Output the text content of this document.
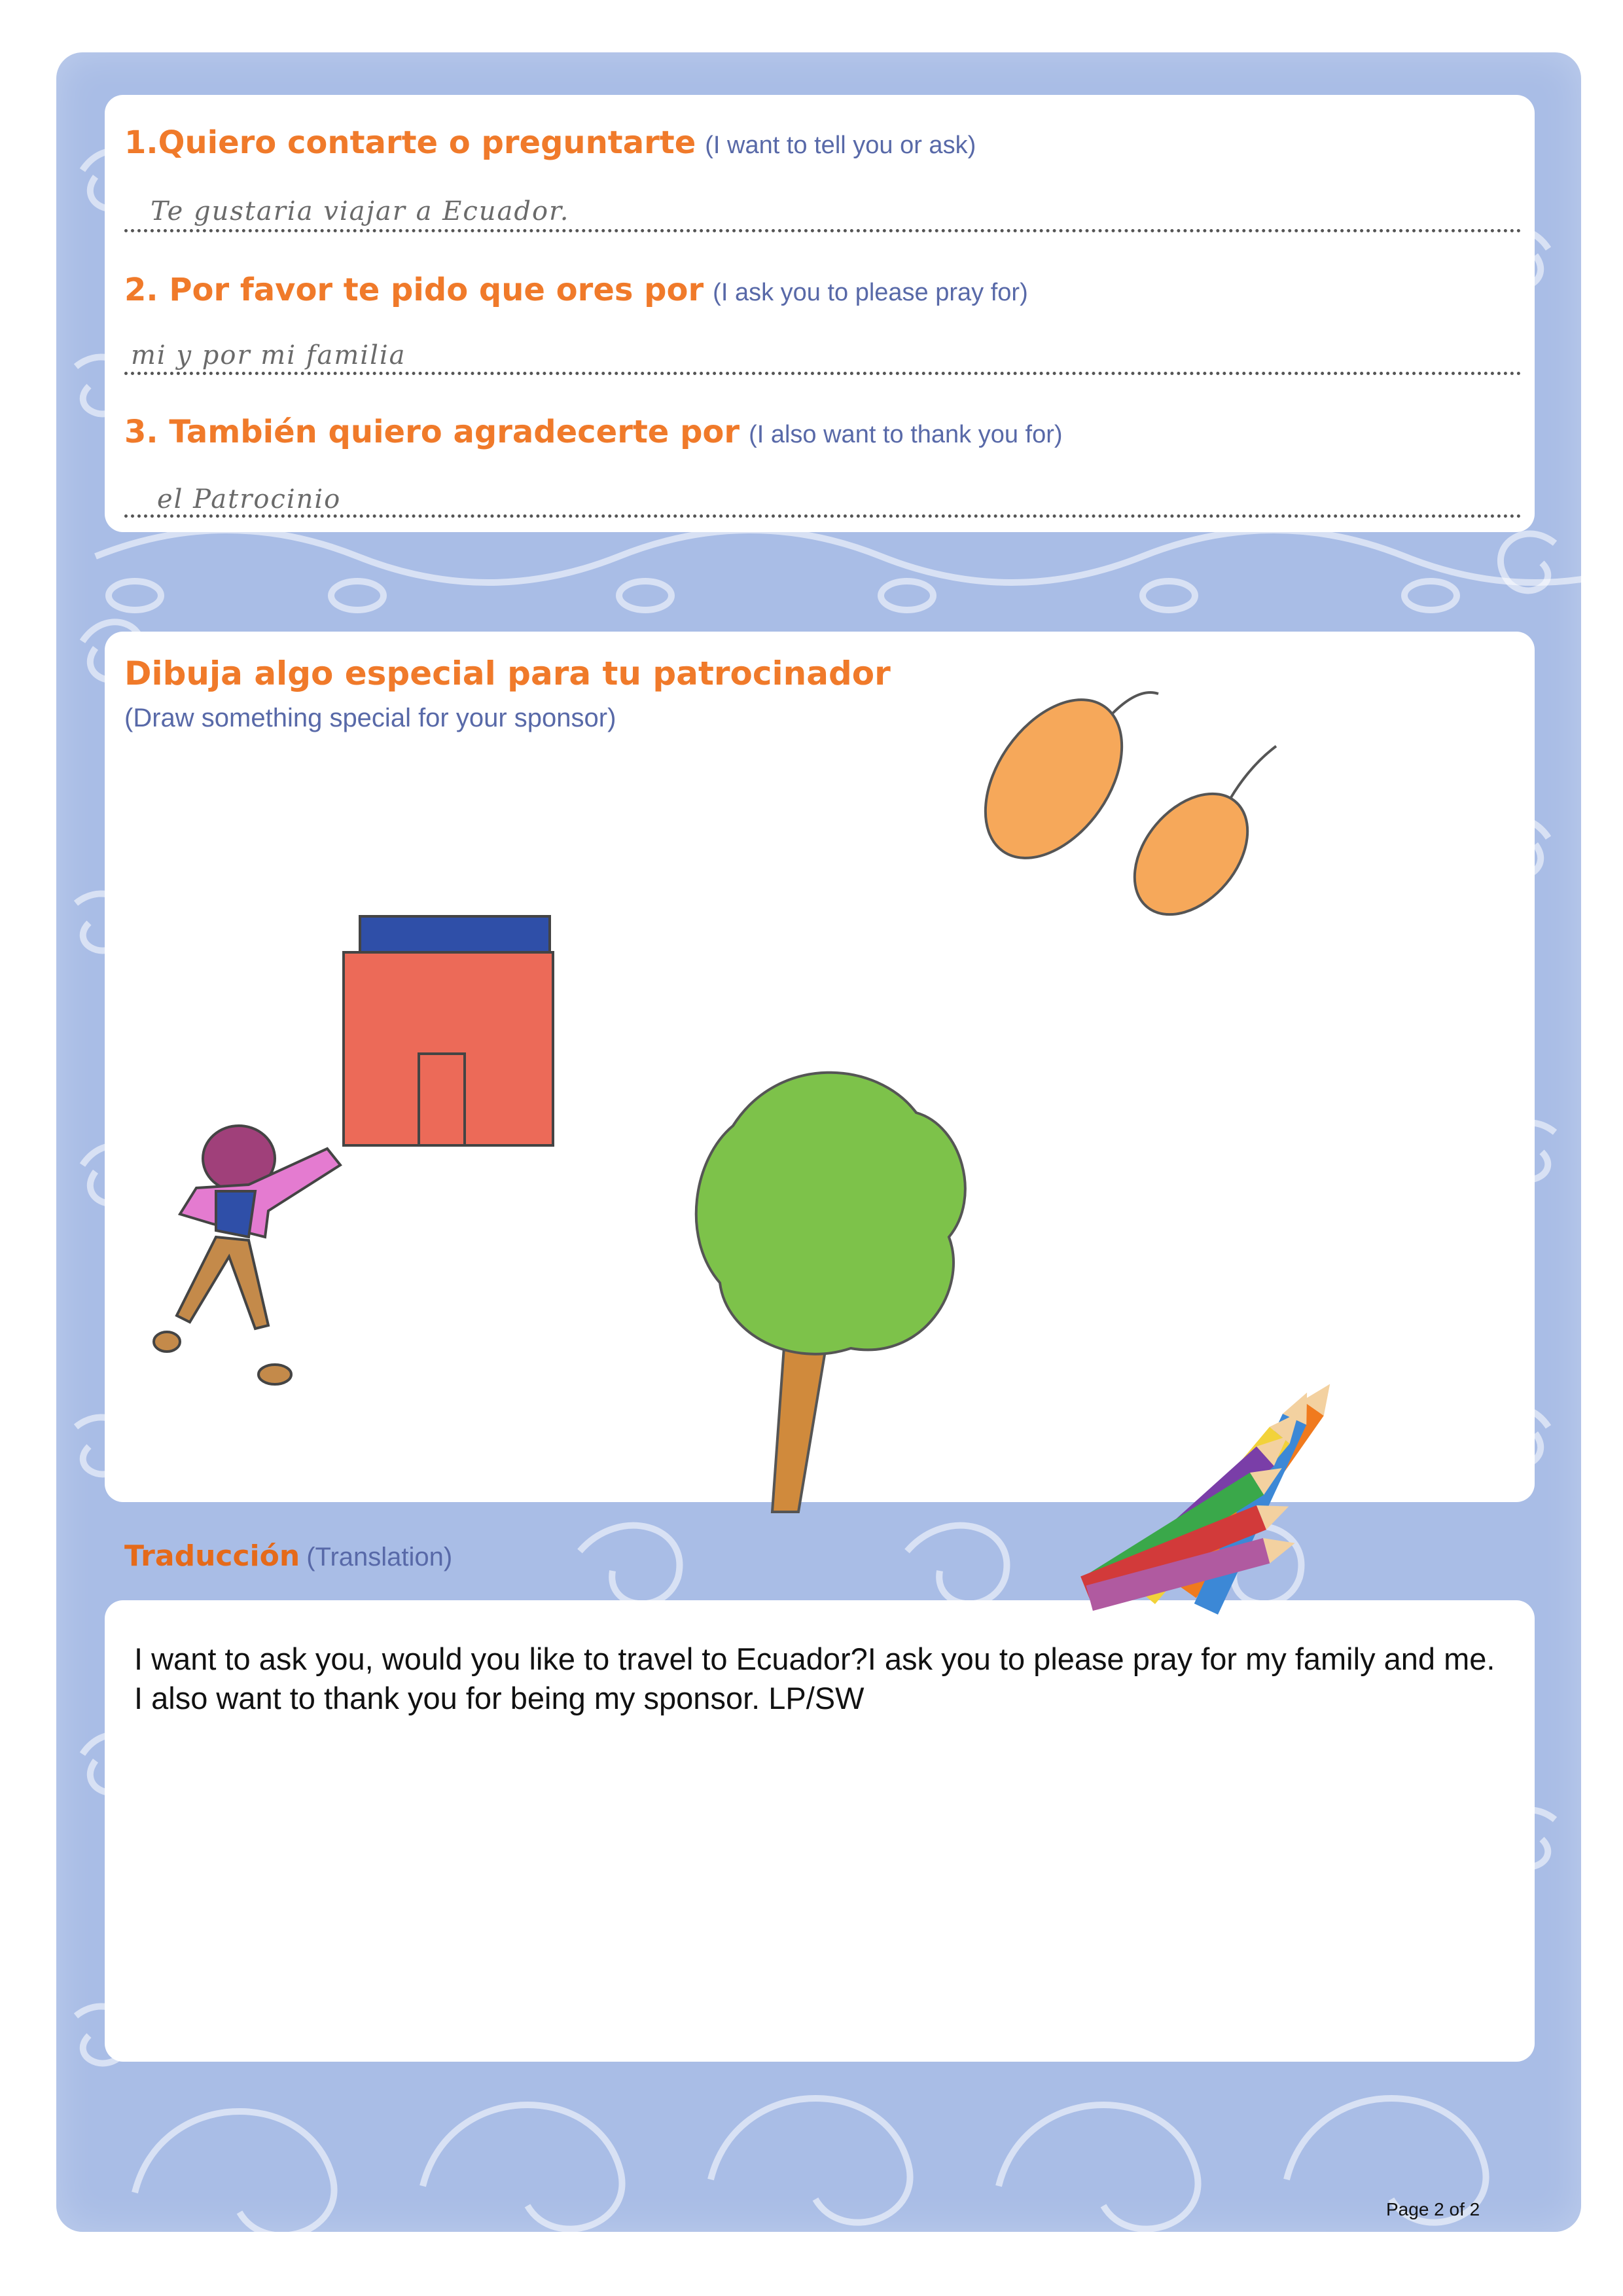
1.Quiero contarte o preguntarte (I want to tell you or ask)
Te gustaria viajar a Ecuador.
2. Por favor te pido que ores por (I ask you to please pray for)
mi y por mi familia
3. También quiero agradecerte por (I also want to thank you for)
el Patrocinio
Dibuja algo especial para tu patrocinador
(Draw something special for your sponsor)
Traducción (Translation)
I want to ask you, would you like to travel to Ecuador?I ask you to please pray for my family and me. I also want to thank you for being my sponsor. LP/SW
Page 2 of 2
